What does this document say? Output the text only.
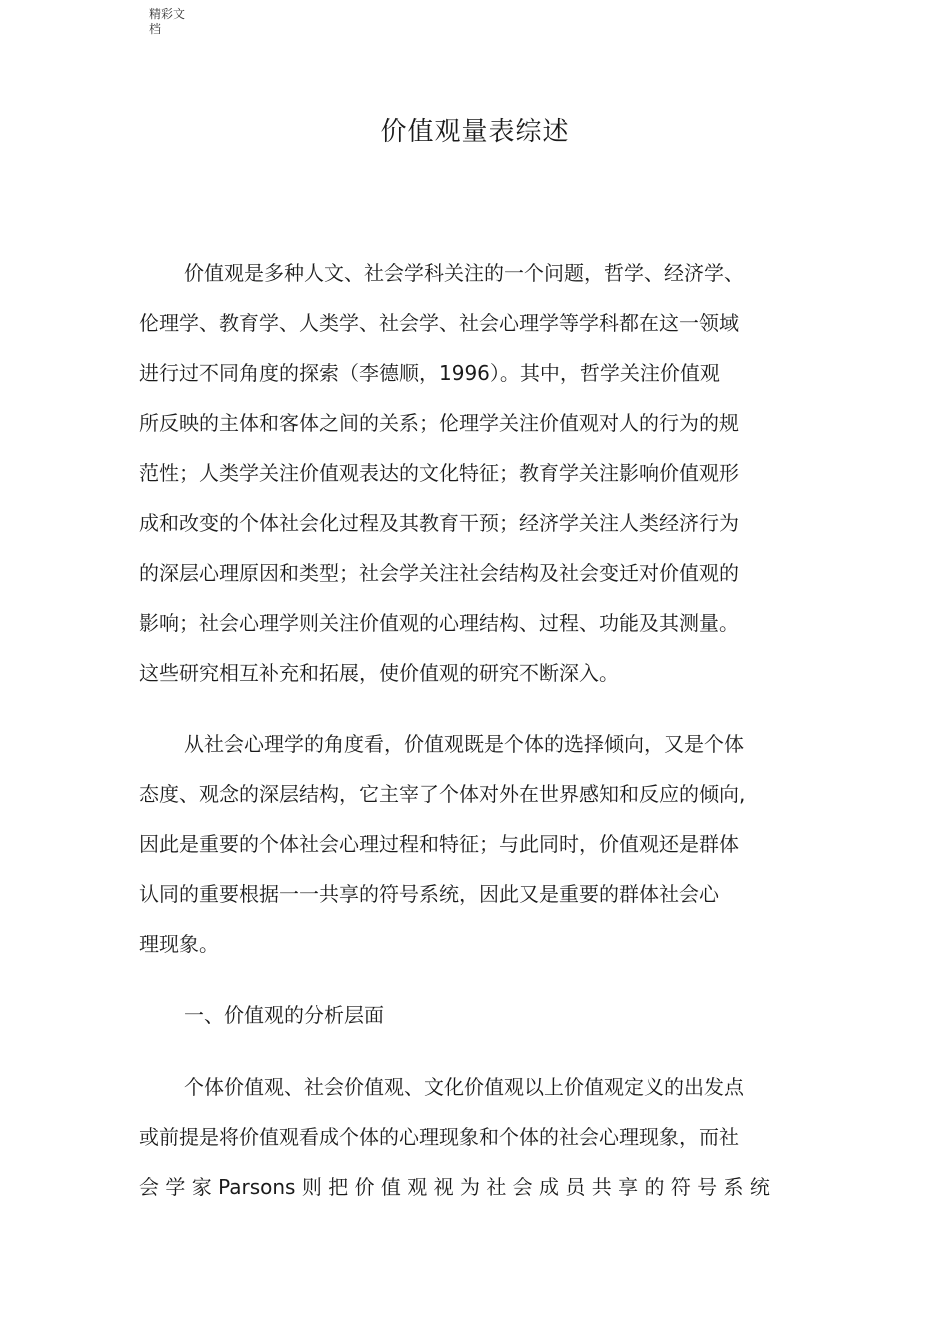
精彩文
档
价值观量表综述
价值观是多种人文、社会学科关注的一个问题，哲学、经济学、
伦理学、教育学、人类学、社会学、社会心理学等学科都在这一领域
进行过不同角度的探索（李德顺，1996）。其中，哲学关注价值观
所反映的主体和客体之间的关系；伦理学关注价值观对人的行为的规
范性；人类学关注价值观表达的文化特征；教育学关注影响价值观形
成和改变的个体社会化过程及其教育干预；经济学关注人类经济行为
的深层心理原因和类型；社会学关注社会结构及社会变迁对价值观的
影响；社会心理学则关注价值观的心理结构、过程、功能及其测量。
这些研究相互补充和拓展，使价值观的研究不断深入。
从社会心理学的角度看，价值观既是个体的选择倾向，又是个体
态度、观念的深层结构，它主宰了个体对外在世界感知和反应的倾向,
因此是重要的个体社会心理过程和特征；与此同时，价值观还是群体
认同的重要根据一一共享的符号系统，因此又是重要的群体社会心
理现象。
一、价值观的分析层面
个体价值观、社会价值观、文化价值观以上价值观定义的出发点
或前提是将价值观看成个体的心理现象和个体的社会心理现象，而社
会 学 家 Parsons 则 把 价 值 观 视 为 社 会 成 员 共 享 的 符 号 系 统
